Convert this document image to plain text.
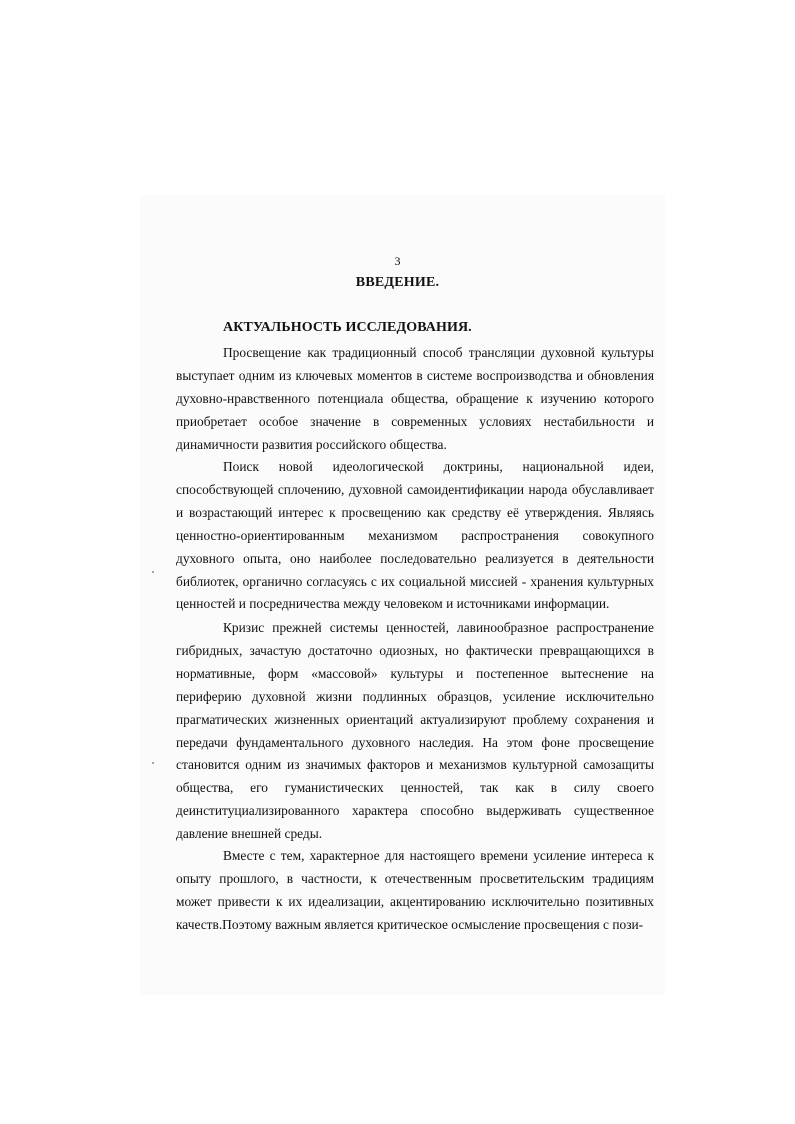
3
ВВЕДЕНИЕ.
АКТУАЛЬНОСТЬ ИССЛЕДОВАНИЯ.

Просвещение как традиционный способ трансляции духовной культуры выступает одним из ключевых моментов в системе воспроизводства и обновления духовно-нравственного потенциала общества, обращение к изучению которого приобретает особое значение в современных условиях нестабильности и динамичности развития российского общества.

Поиск новой идеологической доктрины, национальной идеи, способствующей сплочению, духовной самоидентификации народа обуславливает и возрастающий интерес к просвещению как средству её утверждения. Являясь ценностно-ориентированным механизмом распространения совокупного духовного опыта, оно наиболее последовательно реализуется в деятельности библиотек, органично согласуясь с их социальной миссией - хранения культурных ценностей и посредничества между человеком и источниками информации.

Кризис прежней системы ценностей, лавинообразное распространение гибридных, зачастую достаточно одиозных, но фактически превращающихся в нормативные, форм «массовой» культуры и постепенное вытеснение на периферию духовной жизни подлинных образцов, усиление исключительно прагматических жизненных ориентаций актуализируют проблему сохранения и передачи фундаментального духовного наследия. На этом фоне просвещение становится одним из значимых факторов и механизмов культурной самозащиты общества, его гуманистических ценностей, так как в силу своего деинституциализированного характера способно выдерживать существенное давление внешней среды.

Вместе с тем, характерное для настоящего времени усиление интереса к опыту прошлого, в частности, к отечественным просветительским традициям может привести к их идеализации, акцентированию исключительно позитивных качеств.Поэтому важным является критическое осмысление просвещения с пози-
